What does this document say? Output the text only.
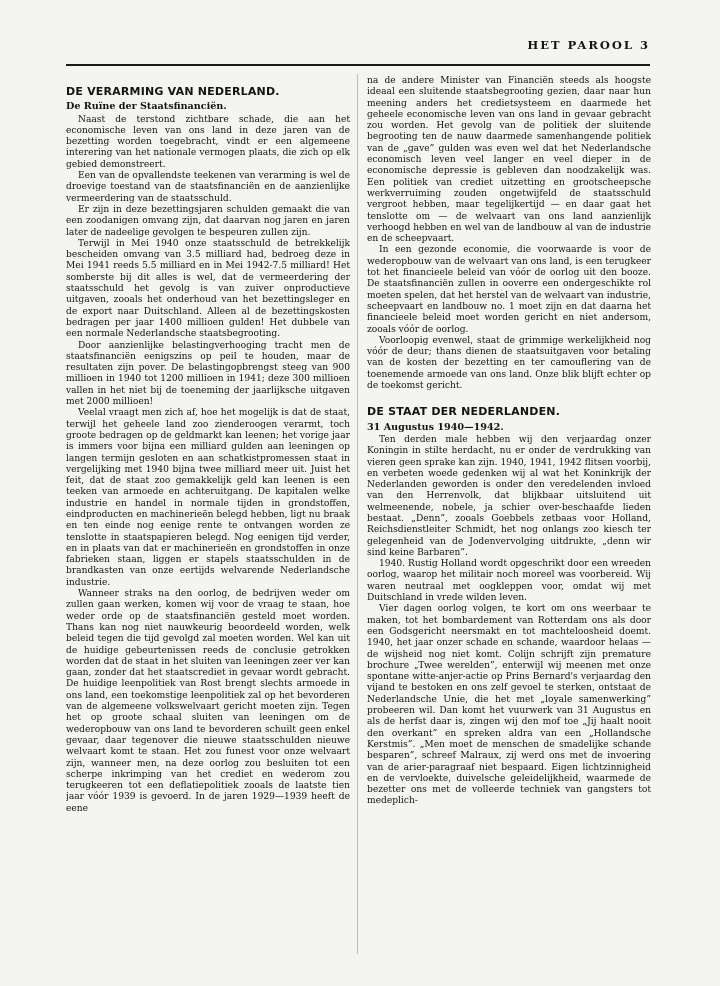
HET PAROOL 3
DE VERARMING VAN NEDERLAND.
De Ruïne der Staatsfinanciën.

Naast de terstond zichtbare schade, die aan het economische leven van ons land in deze jaren van de bezetting worden toegebracht, vindt er een algemeene interering van het nationale vermogen plaats, die zich op elk gebied demonstreert.

Een van de opvallendste teekenen van verarming is wel de droevige toestand van de staatsfinanciën en de aanzienlijke vermeerdering van de staatsschuld.

Er zijn in deze bezettingsjaren schulden gemaakt die van een zoodanigen omvang zijn, dat daarvan nog jaren en jaren later de nadeelige gevolgen te bespeuren zullen zijn.

Terwijl in Mei 1940 onze staatsschuld de betrekkelijk bescheiden omvang van 3.5 milliard had, bedroeg deze in Mei 1941 reeds 5.5 milliard en in Mei 1942-7.5 milliard! Het somberste bij dit alles is wel, dat de vermeerdering der staatsschuld het gevolg is van zuiver onproductieve uitgaven, zooals het onderhoud van het bezettingsleger en de export naar Duitschland. Alleen al de bezettingskosten bedragen per jaar 1400 millioen gulden! Het dubbele van een normale Nederlandsche staatsbegrooting.

Door aanzienlijke belastingverhooging tracht men de staatsfinanciën eenigszins op peil te houden, maar de resultaten zijn pover. De belastingopbrengst steeg van 900 millioen in 1940 tot 1200 millioen in 1941; deze 300 millioen vallen in het niet bij de toeneming der jaarlijksche uitgaven met 2000 millioen!

Veelal vraagt men zich af, hoe het mogelijk is dat de staat, terwijl het geheele land zoo zienderoogen verarmt, toch groote bedragen op de geldmarkt kan leenen; het vorige jaar is immers voor bijna een milliard gulden aan leeningen op langen termijn gesloten en aan schatkistpromessen staat in vergelijking met 1940 bijna twee milliard meer uit. Juist het feit, dat de staat zoo gemakkelijk geld kan leenen is een teeken van armoede en achteruitgang. De kapitalen welke industrie en handel in normale tijden in grondstoffen, eindproducten en machinerieën belegd hebben, ligt nu braak en ten einde nog eenige rente te ontvangen worden ze tenslotte in staatspapieren belegd. Nog eenigen tijd verder, en in plaats van dat er machinerieën en grondstoffen in onze fabrieken staan, liggen er stapels staatsschulden in de brandkasten van onze eertijds welvarende Nederlandsche industrie.

Wanneer straks na den oorlog, de bedrijven weder om zullen gaan werken, komen wij voor de vraag te staan, hoe weder orde op de staatsfinanciën gesteld moet worden. Thans kan nog niet nauwkeurig beoordeeld worden, welk beleid tegen die tijd gevolgd zal moeten worden. Wel kan uit de huidige gebeurtenissen reeds de conclusie getrokken worden dat de staat in het sluiten van leeningen zeer ver kan gaan, zonder dat het staatscrediet in gevaar wordt gebracht. De huidige leenpolitiek van Rost brengt slechts armoede in ons land, een toekomstige leenpolitiek zal op het bevorderen van de algemeene volkswelvaart gericht moeten zijn. Tegen het op groote schaal sluiten van leeningen om de wederopbouw van ons land te bevorderen schuilt geen enkel gevaar, daar tegenover die nieuwe staatsschulden nieuwe welvaart komt te staan. Het zou funest voor onze welvaart zijn, wanneer men, na deze oorlog zou besluiten tot een scherpe inkrimping van het crediet en wederom zou terugkeeren tot een deflatiepolitiek zooals de laatste tien jaar vóór 1939 is gevoerd. In de jaren 1929—1939 heeft de eene

na de andere Minister van Financiën steeds als hoogste ideaal een sluitende staatsbegrooting gezien, daar naar hun meening anders het credietsysteem en daarmede het geheele economische leven van ons land in gevaar gebracht zou worden. Het gevolg van de politiek der sluitende begrooting ten de nauw daarmede samenhangende politiek van de „gave” gulden was even wel dat het Nederlandsche economisch leven veel langer en veel dieper in de economische depressie is gebleven dan noodzakelijk was. Een politiek van crediet uitzetting en grootscheepsche werkverruiming zouden ongetwijfeld de staatsschuld vergroot hebben, maar tegelijkertijd — en daar gaat het tenslotte om — de welvaart van ons land aanzienlijk verhoogd hebben en wel van de landbouw al van de industrie en de scheepvaart.

In een gezonde economie, die voorwaarde is voor de wederopbouw van de welvaart van ons land, is een terugkeer tot het financieele beleid van vóór de oorlog uit den booze. De staatsfinanciën zullen in ooverre een ondergeschikte rol moeten spelen, dat het herstel van de welvaart van industrie, scheepvaart en landbouw no. 1 moet zijn en dat daarna het financieele beleid moet worden gericht en niet andersom, zooals vóór de oorlog.

Voorloopig evenwel, staat de grimmige werkelijkheid nog vóór de deur; thans dienen de staatsuitgaven voor betaling van de kosten der bezetting en ter camouflering van de toenemende armoede van ons land. Onze blik blijft echter op de toekomst gericht.

DE STAAT DER NEDERLANDEN.
31 Augustus 1940—1942.

Ten derden male hebben wij den verjaardag onzer Koningin in stilte herdacht, nu er onder de verdrukking van vieren geen sprake kan zijn. 1940, 1941, 1942 flitsen voorbij, en verbeten woede gedenken wij al wat het Koninkrijk der Nederlanden geworden is onder den veredelenden invloed van den Herrenvolk, dat blijkbaar uitsluitend uit welmeenende, nobele, ja schier over-beschaafde lieden bestaat. „Denn”, zooals Goebbels zetbaas voor Holland, Reichsdienstleiter Schmidt, het nog onlangs zoo kiesch ter gelegenheid van de Jodenvervolging uitdrukte, „denn wir sind keine Barbaren”.

1940. Rustig Holland wordt opgeschrikt door een wreeden oorlog, waarop het militair noch moreel was voorbereid. Wij waren neutraal met oogkleppen voor, omdat wij met Duitschland in vrede wilden leven.

Vier dagen oorlog volgen, te kort om ons weerbaar te maken, tot het bombardement van Rotterdam ons als door een Godsgericht neersmakt en tot machteloosheid doemt. 1940, het jaar onzer schade en schande, waardoor helaas — de wijsheid nog niet komt. Colijn schrijft zijn premature brochure „Twee werelden”, enterwijl wij meenen met onze spontane witte-anjer-actie op Prins Bernard's verjaardag den vijand te bestoken en ons zelf gevoel te sterken, ontstaat de Nederlandsche Unie, die het met „loyale samenwerking” probeeren wil. Dan komt het vuurwerk van 31 Augustus en als de herfst daar is, zingen wij den mof toe „Jij haalt nooit den overkant” en spreken aldra van een „Hollandsche Kerstmis”. „Men moet de menschen de smadelijke schande besparen”, schreef Malraux, zij werd ons met de invoering van de arier-paragraaf niet bespaard. Eigen lichtzinnigheid en de vervloekte, duivelsche geleidelijkheid, waarmede de bezetter ons met de volleerde techniek van gangsters tot medeplich-
